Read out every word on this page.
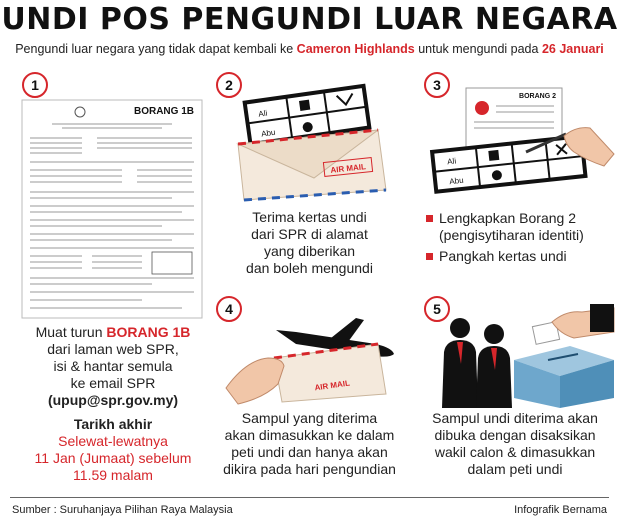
UNDI POS PENGUNDI LUAR NEGARA
Pengundi luar negara yang tidak dapat kembali ke Cameron Highlands untuk mengundi pada 26 Januari
1
BORANG 1B
Muat turun BORANG 1B
dari laman web SPR,
isi & hantar semula
ke email SPR
(upup@spr.gov.my)
Tarikh akhir
Selewat-lewatnya
11 Jan (Jumaat) sebelum
11.59 malam
2
Ali
Abu
AIR MAIL
Terima kertas undi
dari SPR di alamat
yang diberikan
dan boleh mengundi
3
BORANG 2
Ali
Abu
Lengkapkan Borang 2 (pengisytiharan identiti)
Pangkah kertas undi
4
AIR MAIL
Sampul yang diterima
akan dimasukkan ke dalam
peti undi dan hanya akan
dikira pada hari pengundian
5
Sampul undi diterima akan
dibuka dengan disaksikan
wakil calon & dimasukkan
dalam peti undi
Sumber : Suruhanjaya Pilihan Raya Malaysia	Infografik Bernama
